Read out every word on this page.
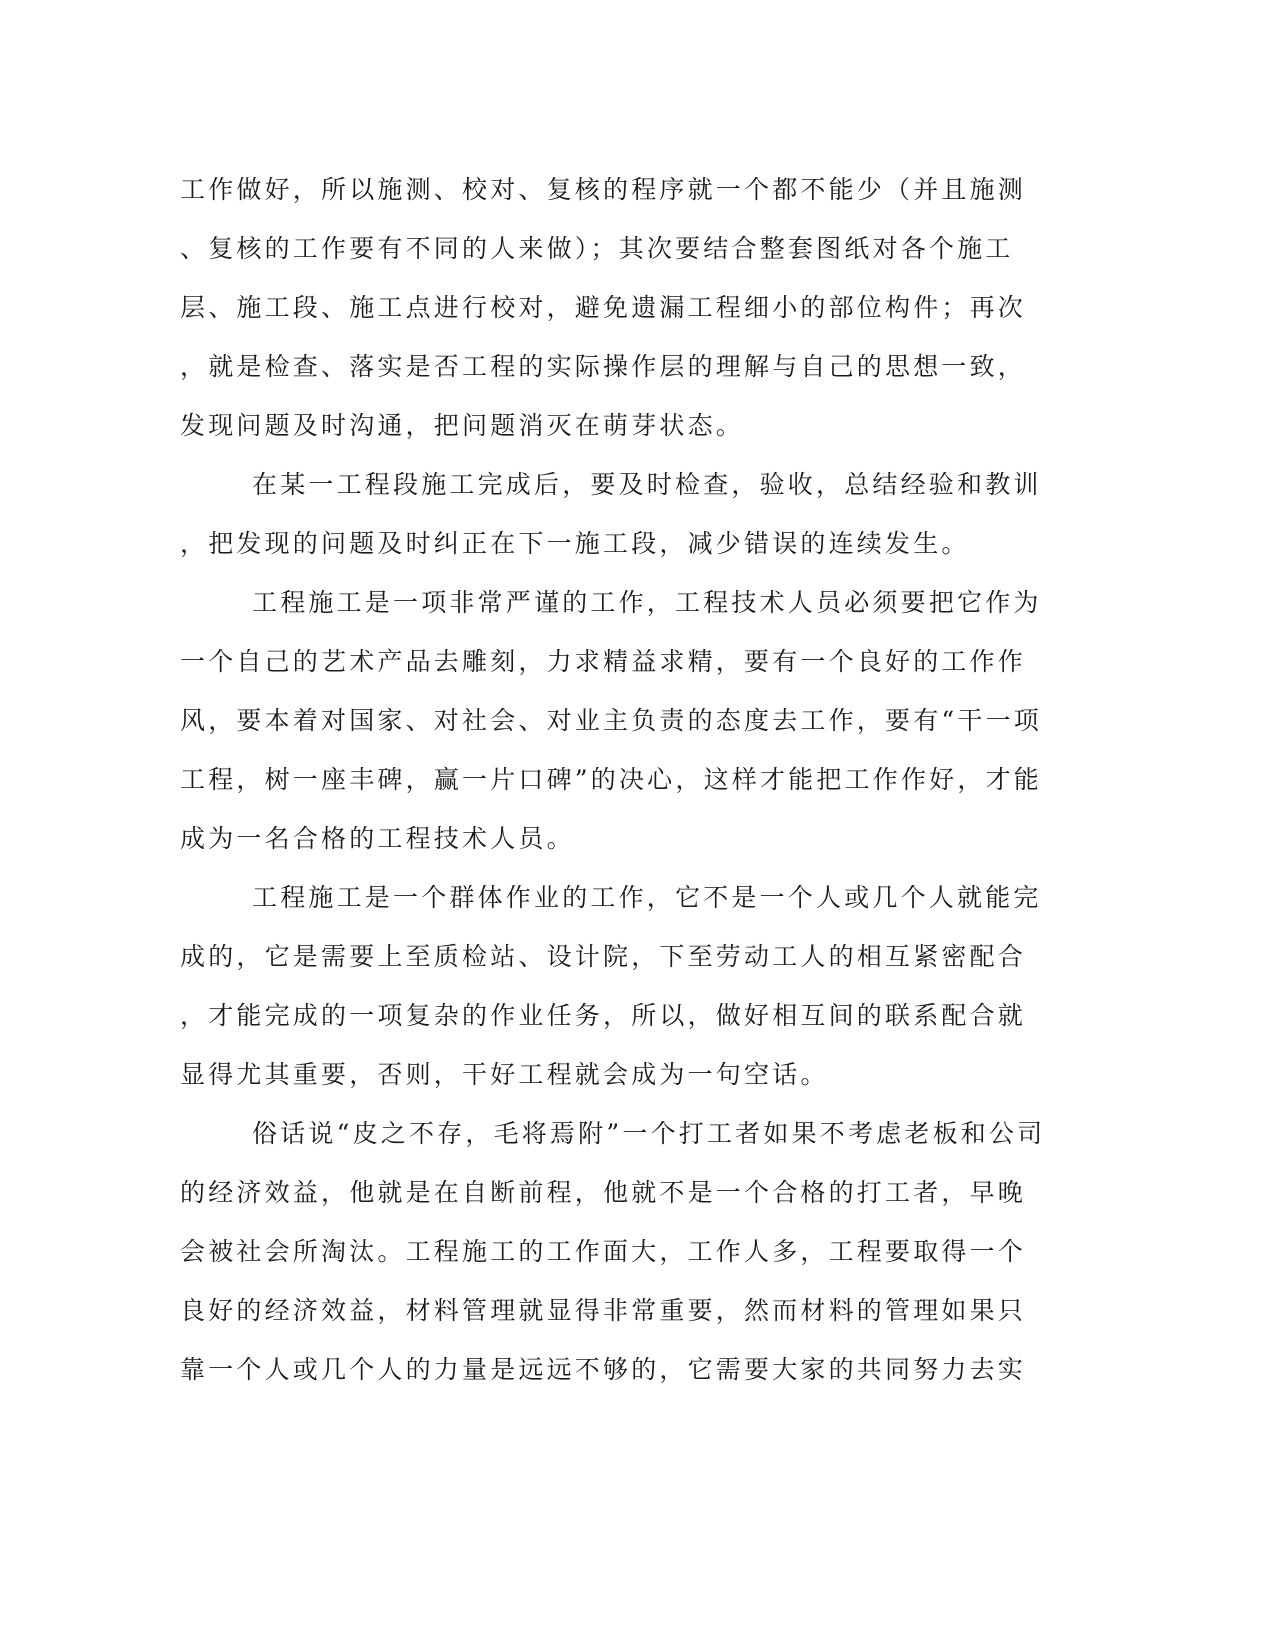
工作做好，所以施测、校对、复核的程序就一个都不能少（并且施测
、复核的工作要有不同的人来做）；其次要结合整套图纸对各个施工
层、施工段、施工点进行校对，避免遗漏工程细小的部位构件；再次
，就是检查、落实是否工程的实际操作层的理解与自己的思想一致，
发现问题及时沟通，把问题消灭在萌芽状态。
在某一工程段施工完成后，要及时检查，验收，总结经验和教训
，把发现的问题及时纠正在下一施工段，减少错误的连续发生。
工程施工是一项非常严谨的工作，工程技术人员必须要把它作为
一个自己的艺术产品去雕刻，力求精益求精，要有一个良好的工作作
风，要本着对国家、对社会、对业主负责的态度去工作，要有“干一项
工程，树一座丰碑，赢一片口碑”的决心，这样才能把工作作好，才能
成为一名合格的工程技术人员。
工程施工是一个群体作业的工作，它不是一个人或几个人就能完
成的，它是需要上至质检站、设计院，下至劳动工人的相互紧密配合
，才能完成的一项复杂的作业任务，所以，做好相互间的联系配合就
显得尤其重要，否则，干好工程就会成为一句空话。
俗话说“皮之不存，毛将焉附”一个打工者如果不考虑老板和公司
的经济效益，他就是在自断前程，他就不是一个合格的打工者，早晚
会被社会所淘汰。工程施工的工作面大，工作人多，工程要取得一个
良好的经济效益，材料管理就显得非常重要，然而材料的管理如果只
靠一个人或几个人的力量是远远不够的，它需要大家的共同努力去实
